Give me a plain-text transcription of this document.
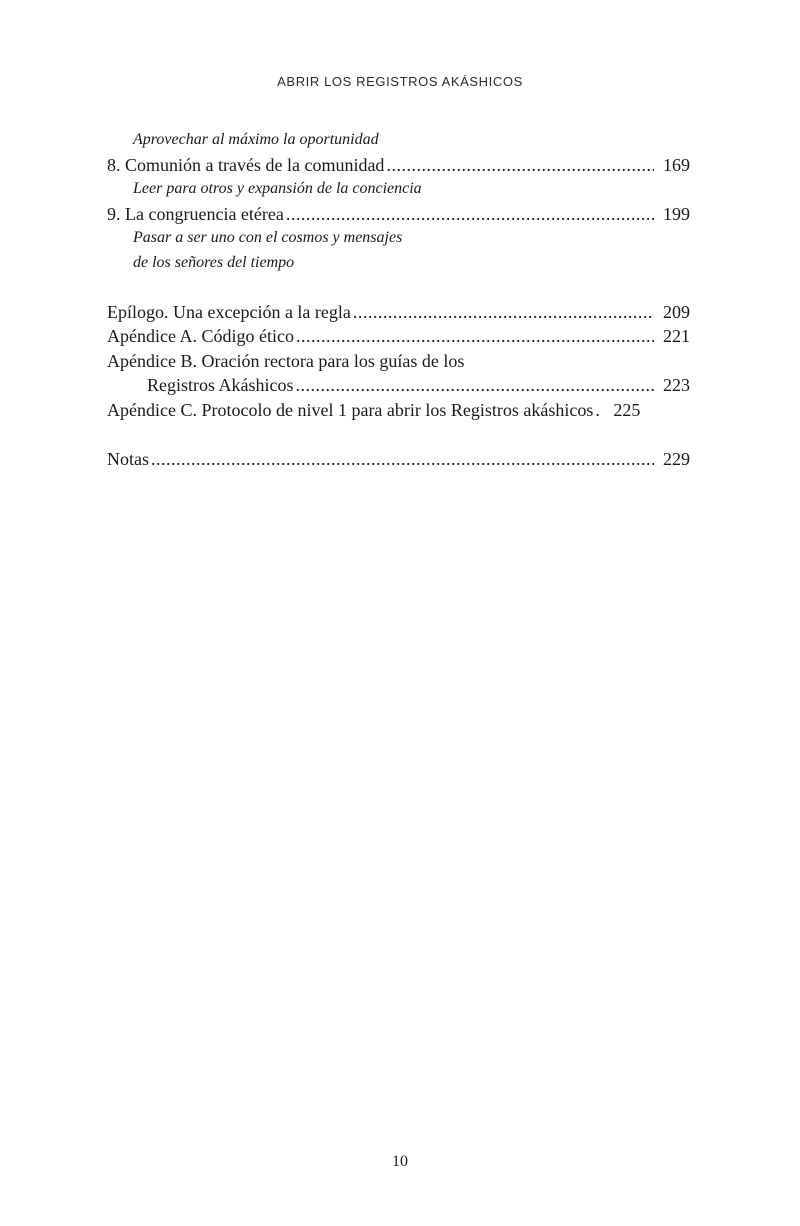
ABRIR LOS REGISTROS AKÁSHICOS
Aprovechar al máximo la oportunidad
8. Comunión a través de la comunidad .....	169
Leer para otros y expansión de la conciencia
9. La congruencia etérea .....	199
Pasar a ser uno con el cosmos y mensajes
de los señores del tiempo
Epílogo. Una excepción a la regla .....	209
Apéndice A. Código ético .....	221
Apéndice B. Oración rectora para los guías de los
Registros Akáshicos .....	223
Apéndice C. Protocolo de nivel 1 para abrir los Registros akáshicos . 225
Notas .....	229
10
